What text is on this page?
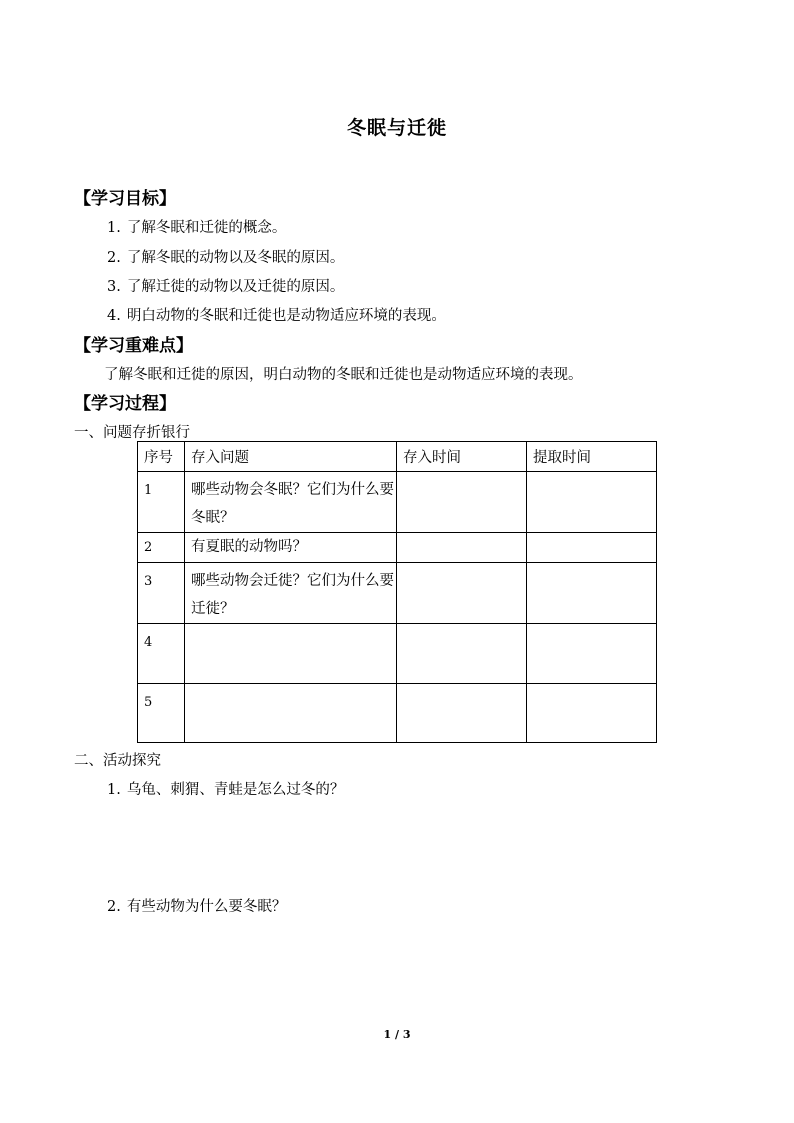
冬眠与迁徙
【学习目标】
1. 了解冬眠和迁徙的概念。
2. 了解冬眠的动物以及冬眠的原因。
3. 了解迁徙的动物以及迁徙的原因。
4. 明白动物的冬眠和迁徙也是动物适应环境的表现。
【学习重难点】
了解冬眠和迁徙的原因，明白动物的冬眠和迁徙也是动物适应环境的表现。
【学习过程】
一、问题存折银行
序号	存入问题	存入时间	提取时间
1	哪些动物会冬眠？它们为什么要冬眠？		
2	有夏眠的动物吗？		
3	哪些动物会迁徙？它们为什么要迁徙？		
4			
5			
二、活动探究
1. 乌龟、刺猬、青蛙是怎么过冬的？
2. 有些动物为什么要冬眠？
1 / 3
